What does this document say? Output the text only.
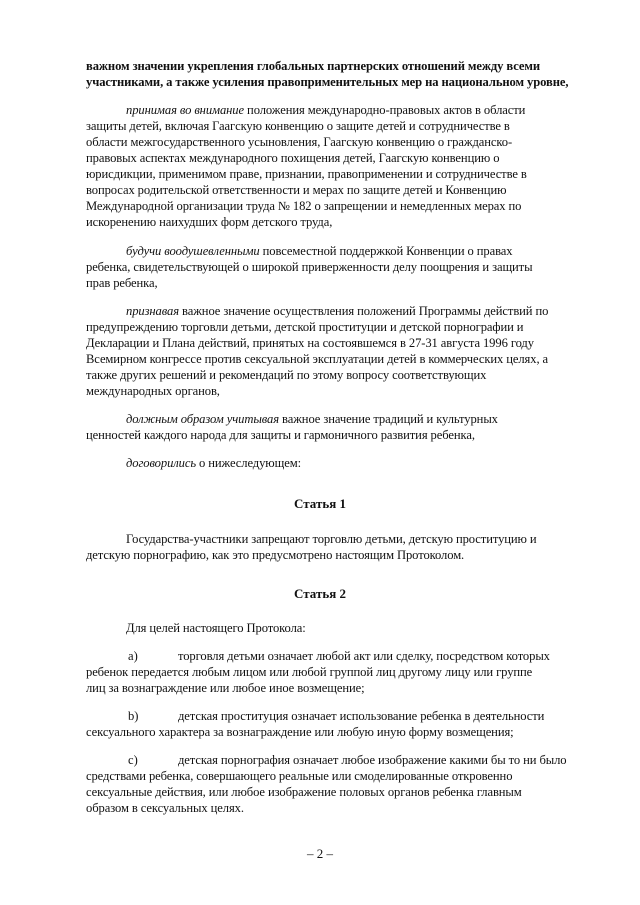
важном значении укрепления глобальных партнерских отношений между всеми
участниками, а также усиления правоприменительных мер на национальном уровне,
принимая во внимание положения международно-правовых актов в области
защиты детей, включая Гаагскую конвенцию о защите детей и сотрудничестве в
области межгосударственного усыновления, Гаагскую конвенцию о гражданско-
правовых аспектах международного похищения детей, Гаагскую конвенцию о
юрисдикции, применимом праве, признании, правоприменении и сотрудничестве в
вопросах родительской ответственности и мерах по защите детей и Конвенцию
Международной организации труда № 182 о запрещении и немедленных мерах по
искоренению наихудших форм детского труда,
будучи воодушевленными повсеместной поддержкой Конвенции о правах
ребенка, свидетельствующей о широкой приверженности делу поощрения и защиты
прав ребенка,
признавая важное значение осуществления положений Программы действий по
предупреждению торговли детьми, детской проституции и детской порнографии и
Декларации и Плана действий, принятых на состоявшемся в 27-31 августа 1996 году
Всемирном конгрессе против сексуальной эксплуатации детей в коммерческих целях, а
также других решений и рекомендаций по этому вопросу соответствующих
международных органов,
должным образом учитывая важное значение традиций и культурных
ценностей каждого народа для защиты и гармоничного развития ребенка,
договорились о нижеследующем:
Статья 1
Государства-участники запрещают торговлю детьми, детскую проституцию и
детскую порнографию, как это предусмотрено настоящим Протоколом.
Статья 2
Для целей настоящего Протокола:
a)	торговля детьми означает любой акт или сделку, посредством которых
ребенок передается любым лицом или любой группой лиц другому лицу или группе
лиц за вознаграждение или любое иное возмещение;
b)	детская проституция означает использование ребенка в деятельности
сексуального характера за вознаграждение или любую иную форму возмещения;
c)	детская порнография означает любое изображение какими бы то ни было
средствами ребенка, совершающего реальные или смоделированные откровенно
сексуальные действия, или любое изображение половых органов ребенка главным
образом в сексуальных целях.
– 2 –
